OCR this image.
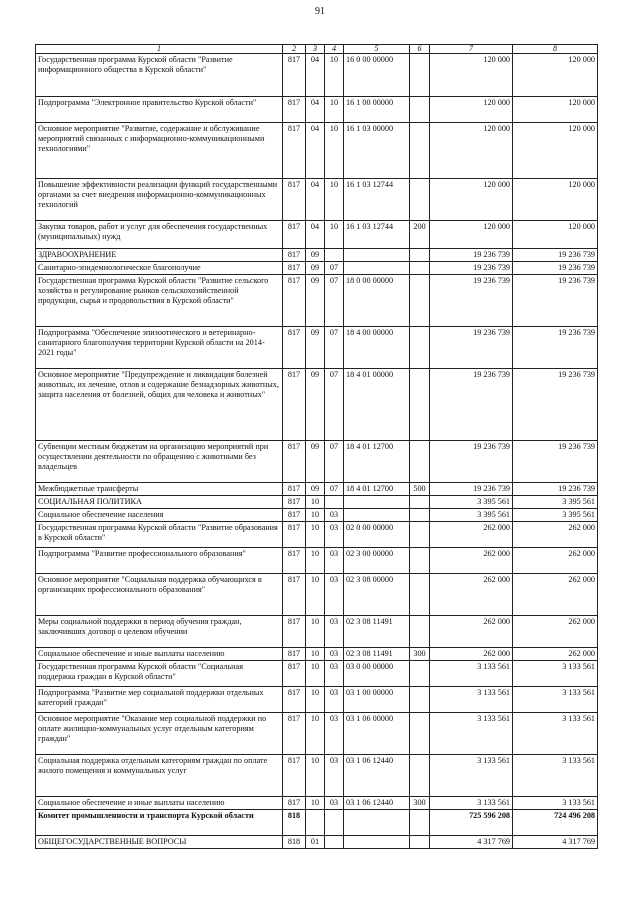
91
1	2	3	4	5	6	7	8
Государственная программа Курской области "Развитие информационного общества в Курской области"	817	04	10	16 0 00 00000		120 000	120 000
Подпрограмма "Электронное правительство Курской области"	817	04	10	16 1 00 00000		120 000	120 000
Основное мероприятие "Развитие, содержание и обслуживание мероприятий связанных с информационно-коммуникационными технологиями"	817	04	10	16 1 03 00000		120 000	120 000
Повышение эффективности реализации функций государственными органами за счет внедрения информационно-коммуникационных технологий	817	04	10	16 1 03 12744		120 000	120 000
Закупка товаров, работ и услуг для обеспечения государственных (муниципальных) нужд	817	04	10	16 1 03 12744	200	120 000	120 000
ЗДРАВООХРАНЕНИЕ	817	09				19 236 739	19 236 739
Санитарно-эпидемиологическое благополучие	817	09	07			19 236 739	19 236 739
Государственная программа Курской области "Развитие сельского хозяйства и регулирование рынков сельскохозяйственной продукции, сырья и продовольствия в Курской области"	817	09	07	18 0 00 00000		19 236 739	19 236 739
Подпрограмма "Обеспечение эпизоотического и ветеринарно-санитарного благополучия территории Курской области на 2014-2021 годы"	817	09	07	18 4 00 00000		19 236 739	19 236 739
Основное мероприятие "Предупреждение и ликвидация болезней животных, их лечение, отлов и содержание безнадзорных животных, защита населения от болезней, общих для человека и животных"	817	09	07	18 4 01 00000		19 236 739	19 236 739
Субвенции местным бюджетам на организацию мероприятий при осуществлении деятельности по обращению с животными без владельцев	817	09	07	18 4 01 12700		19 236 739	19 236 739
Межбюджетные трансферты	817	09	07	18 4 01 12700	500	19 236 739	19 236 739
СОЦИАЛЬНАЯ ПОЛИТИКА	817	10				3 395 561	3 395 561
Социальное обеспечение населения	817	10	03			3 395 561	3 395 561
Государственная программа Курской области "Развитие образования в Курской области"	817	10	03	02 0 00 00000		262 000	262 000
Подпрограмма "Развитие профессионального образования"	817	10	03	02 3 00 00000		262 000	262 000
Основное мероприятие "Социальная поддержка обучающихся в организациях профессионального образования"	817	10	03	02 3 08 00000		262 000	262 000
Меры социальной поддержки в период обучения граждан, заключивших договор о целевом обучении	817	10	03	02 3 08 11491		262 000	262 000
Социальное обеспечение и иные выплаты населению	817	10	03	02 3 08 11491	300	262 000	262 000
Государственная программа Курской области "Социальная поддержка граждан в Курской области"	817	10	03	03 0 00 00000		3 133 561	3 133 561
Подпрограмма "Развитие мер социальной поддержки отдельных категорий граждан"	817	10	03	03 1 00 00000		3 133 561	3 133 561
Основное мероприятие "Оказание мер социальной поддержки по оплате жилищно-коммунальных услуг отдельным категориям граждан"	817	10	03	03 1 06 00000		3 133 561	3 133 561
Социальная поддержка отдельным категориям граждан по оплате жилого помещения и коммунальных услуг	817	10	03	03 1 06 12440		3 133 561	3 133 561
Социальное обеспечение и иные выплаты населению	817	10	03	03 1 06 12440	300	3 133 561	3 133 561
Комитет промышленности и транспорта Курской области	818					725 596 208	724 496 208
ОБЩЕГОСУДАРСТВЕННЫЕ ВОПРОСЫ	818	01				4 317 769	4 317 769
